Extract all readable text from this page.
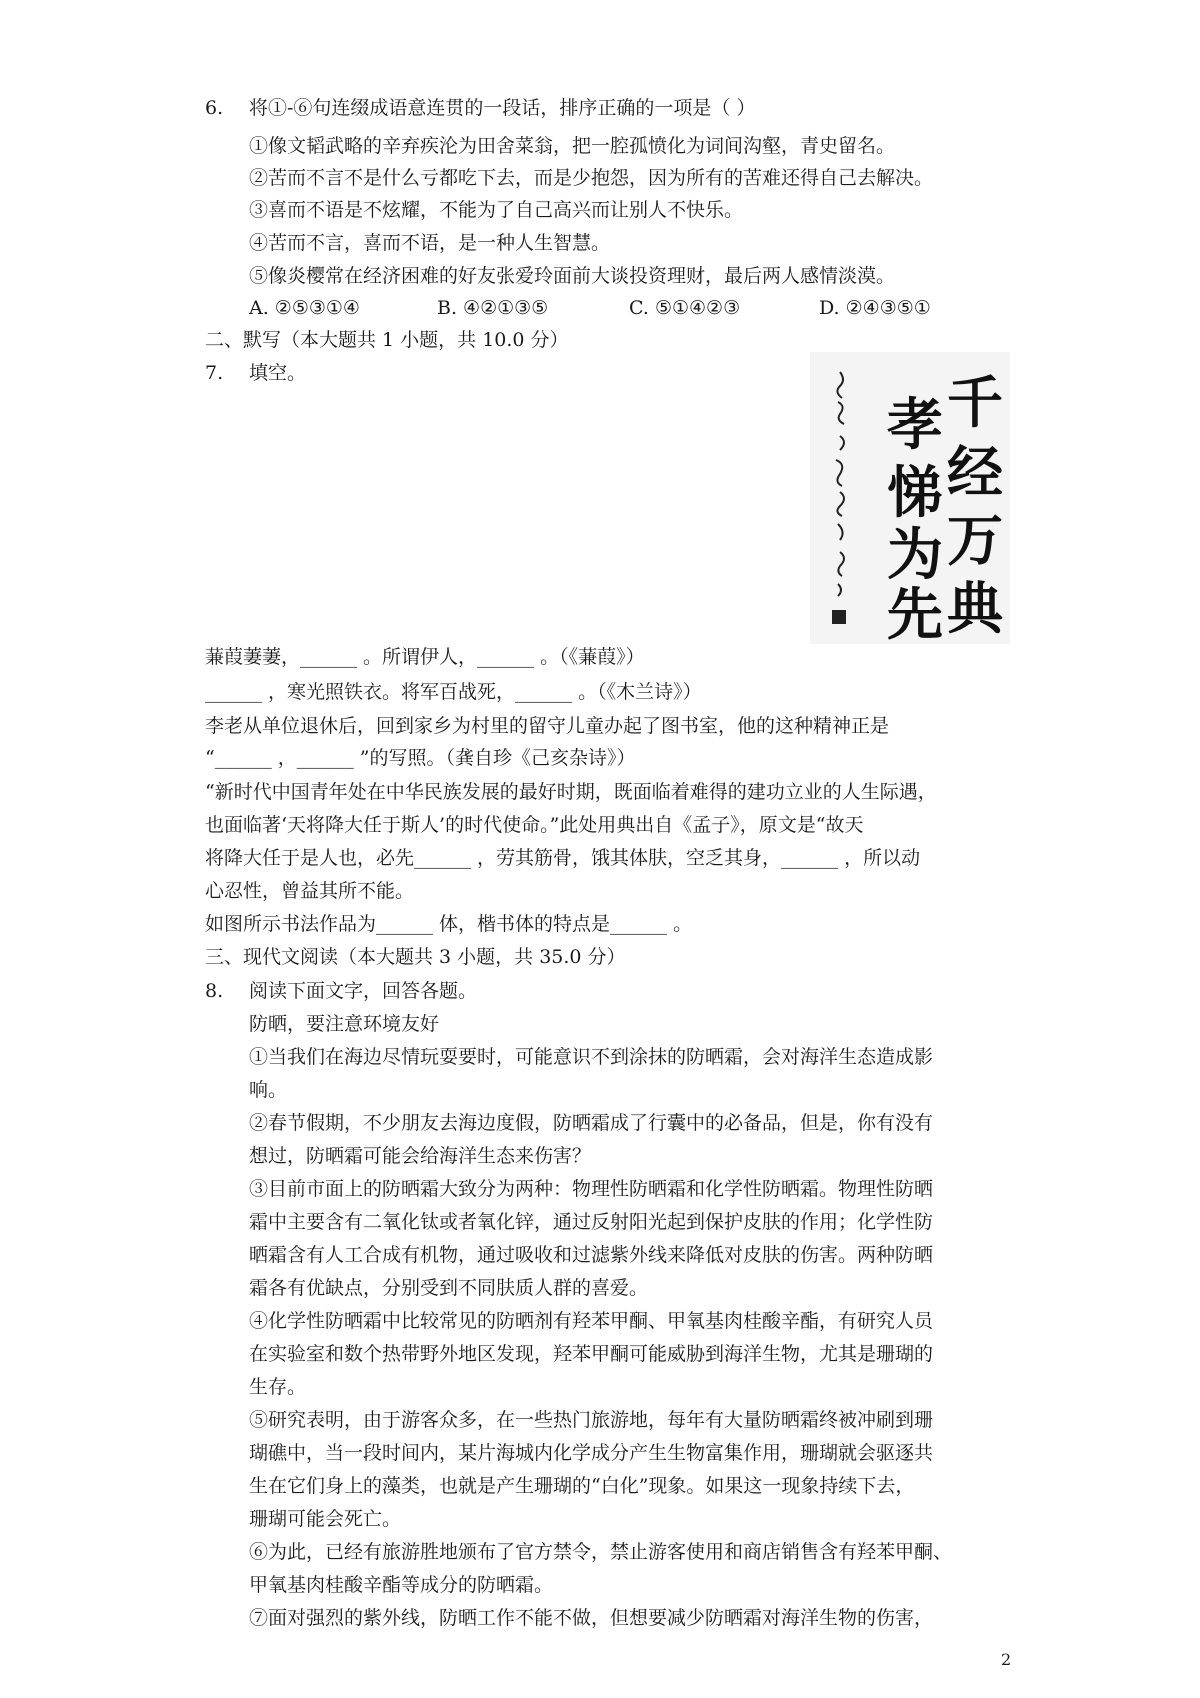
6. 将①-⑥句连缀成语意连贯的一段话，排序正确的一项是（ ）
①像文韬武略的辛弃疾沦为田舍菜翁，把一腔孤愤化为词间沟壑，青史留名。
②苦而不言不是什么亏都吃下去，而是少抱怨，因为所有的苦难还得自己去解决。
③喜而不语是不炫耀，不能为了自己高兴而让别人不快乐。
④苦而不言，喜而不语，是一种人生智慧。
⑤像炎樱常在经济困难的好友张爱玲面前大谈投资理财，最后两人感情淡漠。
A. ②⑤③①④	B. ④②①③⑤	C. ⑤①④②③	D. ②④③⑤①
二、默写（本大题共 1 小题，共 10.0 分）
7. 填空。	千
经
万
典
孝
悌
为
先
蒹葭萋萋，______ 。所谓伊人，______ 。（《蒹葭》）
______ ，寒光照铁衣。将军百战死，______ 。（《木兰诗》）
李老从单位退休后，回到家乡为村里的留守儿童办起了图书室，他的这种精神正是
“______ ，______ ”的写照。（龚自珍《己亥杂诗》）
“新时代中国青年处在中华民族发展的最好时期，既面临着难得的建功立业的人生际遇，
也面临著‘天将降大任于斯人’的时代使命。”此处用典出自《孟子》，原文是“故天
将降大任于是人也，必先______ ，劳其筋骨，饿其体肤，空乏其身，______ ，所以动
心忍性，曾益其所不能。
如图所示书法作品为______ 体，楷书体的特点是______ 。
三、现代文阅读（本大题共 3 小题，共 35.0 分）
8. 阅读下面文字，回答各题。
防晒，要注意环境友好
①当我们在海边尽情玩耍要时，可能意识不到涂抹的防晒霜，会对海洋生态造成影
响。
②春节假期，不少朋友去海边度假，防晒霜成了行囊中的必备品，但是，你有没有
想过，防晒霜可能会给海洋生态来伤害？
③目前市面上的防晒霜大致分为两种：物理性防晒霜和化学性防晒霜。物理性防晒
霜中主要含有二氧化钛或者氧化锌，通过反射阳光起到保护皮肤的作用；化学性防
晒霜含有人工合成有机物，通过吸收和过滤紫外线来降低对皮肤的伤害。两种防晒
霜各有优缺点，分别受到不同肤质人群的喜爱。
④化学性防晒霜中比较常见的防晒剂有羟苯甲酮、甲氧基肉桂酸辛酯，有研究人员
在实验室和数个热带野外地区发现，羟苯甲酮可能威胁到海洋生物，尤其是珊瑚的
生存。
⑤研究表明，由于游客众多，在一些热门旅游地，每年有大量防晒霜终被冲刷到珊
瑚礁中，当一段时间内，某片海城内化学成分产生生物富集作用，珊瑚就会驱逐共
生在它们身上的藻类，也就是产生珊瑚的“白化”现象。如果这一现象持续下去，
珊瑚可能会死亡。
⑥为此，已经有旅游胜地颁布了官方禁令，禁止游客使用和商店销售含有羟苯甲酮、
甲氧基肉桂酸辛酯等成分的防晒霜。
⑦面对强烈的紫外线，防晒工作不能不做，但想要减少防晒霜对海洋生物的伤害，
2
